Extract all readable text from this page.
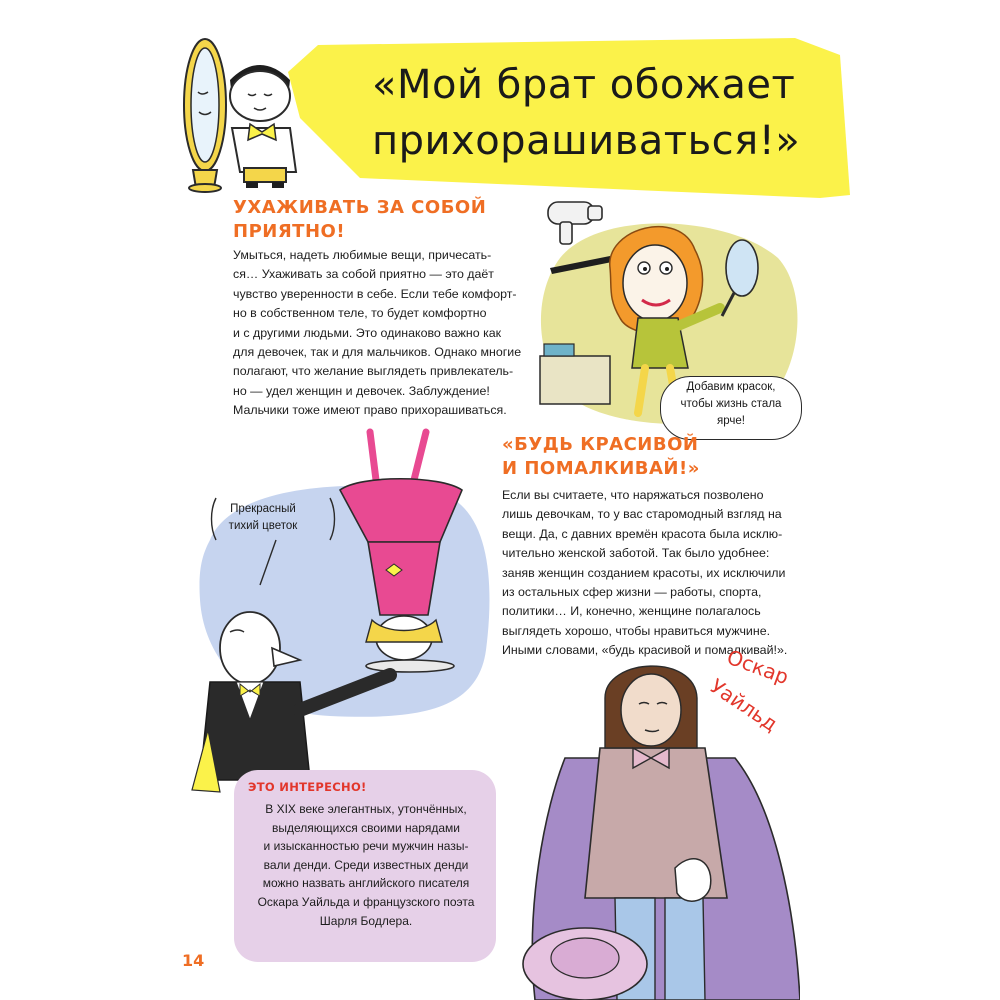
«Мой брат обожает
прихорашиваться!»
УХАЖИВАТЬ ЗА СОБОЙ
ПРИЯТНО!

Умыться, надеть любимые вещи, причесать-

ся… Ухаживать за собой приятно — это даёт

чувство уверенности в себе. Если тебе комфорт-

но в собственном теле, то будет комфортно

и с другими людьми. Это одинаково важно как

для девочек, так и для мальчиков. Однако многие

полагают, что желание выглядеть привлекатель-

но — удел женщин и девочек. Заблуждение!

Мальчики тоже имеют право прихорашиваться.

Добавим красок,
чтобы жизнь стала
ярче!
Прекрасный
тихий цветок
«БУДЬ КРАСИВОЙ
И ПОМАЛКИВАЙ!»

Если вы считаете, что наряжаться позволено

лишь девочкам, то у вас старомодный взгляд на

вещи. Да, с давних времён красота была исклю-

чительно женской заботой. Так было удобнее:

заняв женщин созданием красоты, их исключили

из остальных сфер жизни — работы, спорта,

политики… И, конечно, женщине полагалось

выглядеть хорошо, чтобы нравиться мужчине.

Иными словами, «будь красивой и помалкивай!».

Оскар
Уайльд
ЭТО ИНТЕРЕСНО!

В XIX веке элегантных, утончённых,

выделяющихся своими нарядами

и изысканностью речи мужчин назы-

вали денди. Среди известных денди

можно назвать английского писателя

Оскара Уайльда и французского поэта

Шарля Бодлера.

14
